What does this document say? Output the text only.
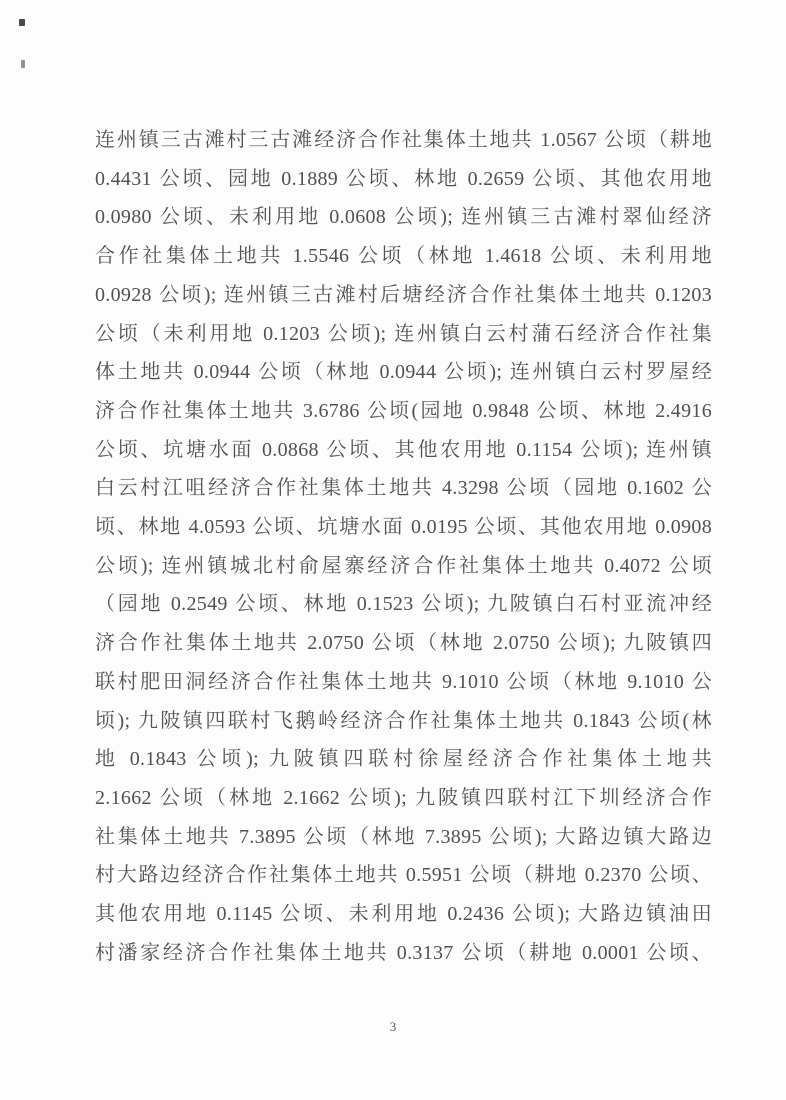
连州镇三古滩村三古滩经济合作社集体土地共 1.0567 公顷（耕地
0.4431 公顷、园地 0.1889 公顷、林地 0.2659 公顷、其他农用地
0.0980 公顷、未利用地 0.0608 公顷); 连州镇三古滩村翠仙经济
合作社集体土地共 1.5546 公顷（林地 1.4618 公顷、未利用地
0.0928 公顷); 连州镇三古滩村后塘经济合作社集体土地共 0.1203
公顷（未利用地 0.1203 公顷); 连州镇白云村蒲石经济合作社集
体土地共 0.0944 公顷（林地 0.0944 公顷); 连州镇白云村罗屋经
济合作社集体土地共 3.6786 公顷(园地 0.9848 公顷、林地 2.4916
公顷、坑塘水面 0.0868 公顷、其他农用地 0.1154 公顷); 连州镇
白云村江咀经济合作社集体土地共 4.3298 公顷（园地 0.1602 公
顷、林地 4.0593 公顷、坑塘水面 0.0195 公顷、其他农用地 0.0908
公顷); 连州镇城北村俞屋寨经济合作社集体土地共 0.4072 公顷
（园地 0.2549 公顷、林地 0.1523 公顷); 九陂镇白石村亚流冲经
济合作社集体土地共 2.0750 公顷（林地 2.0750 公顷); 九陂镇四
联村肥田洞经济合作社集体土地共 9.1010 公顷（林地 9.1010 公
顷); 九陂镇四联村飞鹅岭经济合作社集体土地共 0.1843 公顷(林
地 0.1843 公顷); 九陂镇四联村徐屋经济合作社集体土地共
2.1662 公顷（林地 2.1662 公顷); 九陂镇四联村江下圳经济合作
社集体土地共 7.3895 公顷（林地 7.3895 公顷); 大路边镇大路边
村大路边经济合作社集体土地共 0.5951 公顷（耕地 0.2370 公顷、
其他农用地 0.1145 公顷、未利用地 0.2436 公顷); 大路边镇油田
村潘家经济合作社集体土地共 0.3137 公顷（耕地 0.0001 公顷、
3
